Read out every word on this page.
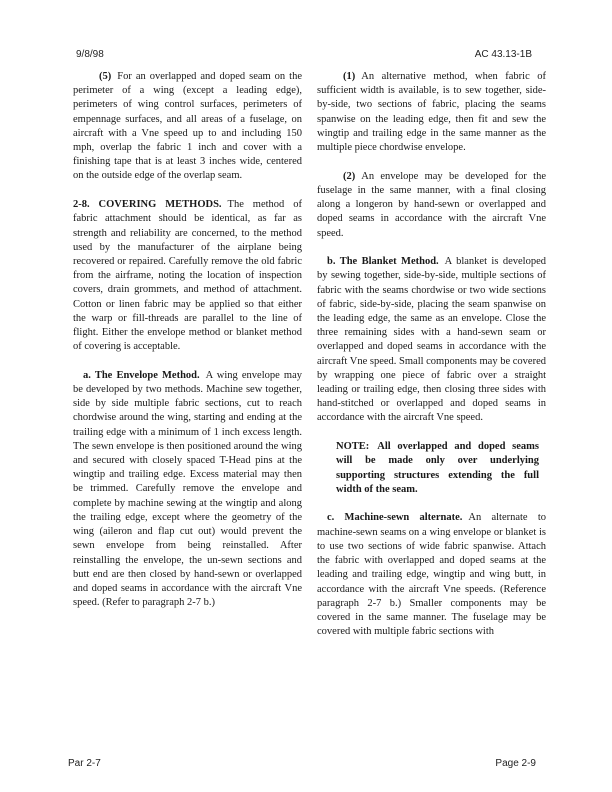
9/8/98	AC 43.13-1B

(5) For an overlapped and doped seam on the perimeter of a wing (except a leading edge), perimeters of wing control surfaces, perimeters of empennage surfaces, and all areas of a fuselage, on aircraft with a Vne speed up to and including 150 mph, overlap the fabric 1 inch and cover with a finishing tape that is at least 3 inches wide, centered on the outside edge of the overlap seam.

2-8. COVERING METHODS. The method of fabric attachment should be identical, as far as strength and reliability are concerned, to the method used by the manufacturer of the airplane being recovered or repaired. Carefully remove the old fabric from the airframe, noting the location of inspection covers, drain grommets, and method of attachment. Cotton or linen fabric may be applied so that either the warp or fill-threads are parallel to the line of flight. Either the envelope method or blanket method of covering is acceptable.

a. The Envelope Method. A wing envelope may be developed by two methods. Machine sew together, side by side multiple fabric sections, cut to reach chordwise around the wing, starting and ending at the trailing edge with a minimum of 1 inch excess length. The sewn envelope is then positioned around the wing and secured with closely spaced T-Head pins at the wingtip and trailing edge. Excess material may then be trimmed. Carefully remove the envelope and complete by machine sewing at the wingtip and along the trailing edge, except where the geometry of the wing (aileron and flap cut out) would prevent the sewn envelope from being reinstalled. After reinstalling the envelope, the un-sewn sections and butt end are then closed by hand-sewn or overlapped and doped seams in accordance with the aircraft Vne speed. (Refer to paragraph 2-7 b.)

(1) An alternative method, when fabric of sufficient width is available, is to sew together, side-by-side, two sections of fabric, placing the seams spanwise on the leading edge, then fit and sew the wingtip and trailing edge in the same manner as the multiple piece chordwise envelope.

(2) An envelope may be developed for the fuselage in the same manner, with a final closing along a longeron by hand-sewn or overlapped and doped seams in accordance with the aircraft Vne speed.

b. The Blanket Method. A blanket is developed by sewing together, side-by-side, multiple sections of fabric with the seams chordwise or two wide sections of fabric, side-by-side, placing the seam spanwise on the leading edge, the same as an envelope. Close the three remaining sides with a hand-sewn seam or overlapped and doped seams in accordance with the aircraft Vne speed. Small components may be covered by wrapping one piece of fabric over a straight leading or trailing edge, then closing three sides with hand-stitched or overlapped and doped seams in accordance with the aircraft Vne speed.

NOTE: All overlapped and doped seams will be made only over underlying supporting structures extending the full width of the seam.

c. Machine-sewn alternate. An alternate to machine-sewn seams on a wing envelope or blanket is to use two sections of wide fabric spanwise. Attach the fabric with overlapped and doped seams at the leading and trailing edge, wingtip and wing butt, in accordance with the aircraft Vne speeds. (Reference paragraph 2-7 b.) Smaller components may be covered in the same manner. The fuselage may be covered with multiple fabric sections with

Par 2-7	Page 2-9
